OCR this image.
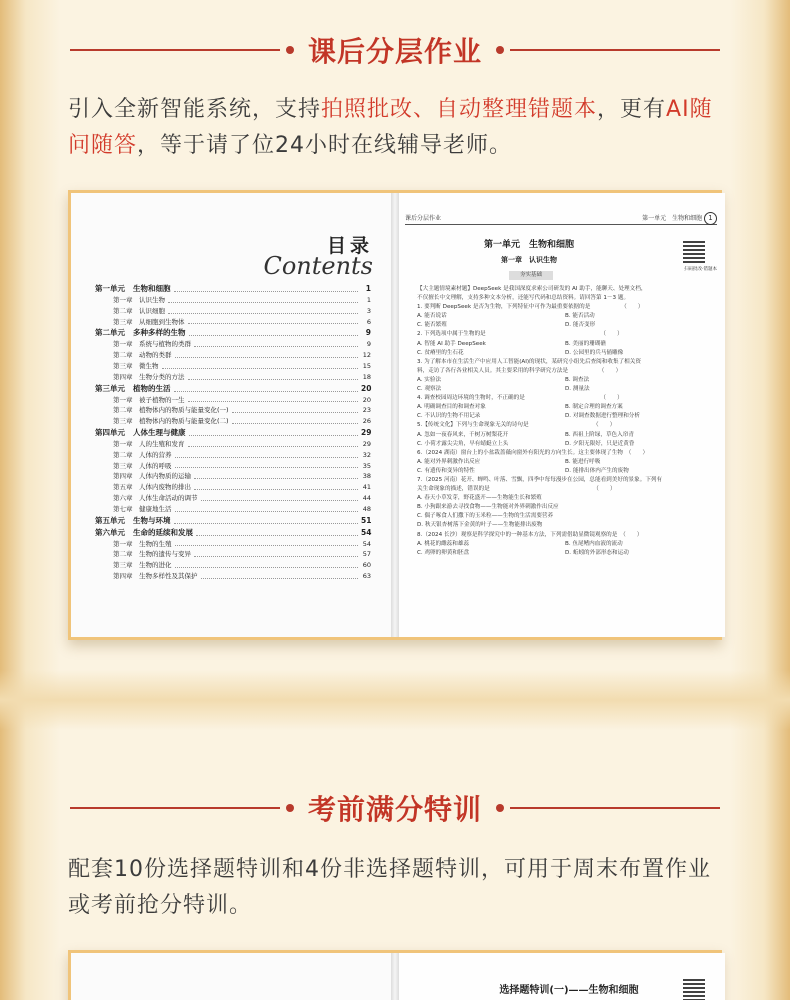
课后分层作业
引入全新智能系统，支持拍照批改、自动整理错题本，更有AI随问随答，等于请了位24小时在线辅导老师。
目录
Contents
第一单元	生物和细胞	1
第一章	认识生物	1
第二章	认识细胞	3
第三章	从细胞到生物体	6
第二单元	多种多样的生物	9
第一章	系统与植物的类群	9
第二章	动物的类群	12
第三章	微生物	15
第四章	生物分类的方法	18
第三单元	植物的生活	20
第一章	被子植物的一生	20
第二章	植物体内的物质与能量变化(一)	23
第三章	植物体内的物质与能量变化(二)	26
第四单元	人体生理与健康	29
第一章	人的生殖和发育	29
第二章	人体的营养	32
第三章	人体的呼吸	35
第四章	人体内物质的运输	38
第五章	人体内废物的排出	41
第六章	人体生命活动的调节	44
第七章	健康地生活	48
第五单元	生物与环境	51
第六单元	生命的延续和发展	54
第一章	生物的生殖	54
第二章	生物的遗传与变异	57
第三章	生物的进化	60
第四章	生物多样性及其保护	63
课后分层作业	第一单元　生物和细胞 1
第一单元　生物和细胞
第一章　认识生物
扫码批改·错题本
夯实基础
【大主题情境素材题】DeepSeek 是我国深度求索公司研发的 AI 助手，能聊天、处理文档，
不仅擅长中文理解，支持多种文本分析，还能写代码和总结资料。请回答第 1－3 题。
1. 要判断 DeepSeek 是否为生物，下列特征中可作为最重要依据的是　　　　　　（　　）
A. 能否说话	B. 能否活动
C. 能否繁殖	D. 能否变形
2. 下列选项中属于生物的是　　　　　　　　　　　　　　　　　　　　　（　　）
A. 智能 AI 助手 DeepSeek	B. 美丽的珊瑚礁
C. 贫瘠里的生石花	D. 公园里的兵马俑雕像
3. 为了解本市在生活生产中应用人工智能(AI)的现状，某研究小组先后查阅和收集了相关资
料，走访了各行各业相关人员。其主要采用的科学研究方法是　　　　　　（　　）
A. 实验法	B. 调查法
C. 观察法	D. 测量法
4. 调查校园周边环境的生物时，不正确的是　　　　　　　　　　　　　　（　　）
A. 明确调查目的和调查对象	B. 制定合理的调查方案
C. 不认识的生物不用记录	D. 对调查数据进行整理和分析
5.【传统文化】下列与生命现象无关的诗句是　　　　　　　　　　　　（　　）
A. 忽如一夜春风来，千树万树梨花开	B. 西祖上阶绿，草色入帘青
C. 小荷才露尖尖角，早有蜻蜓立上头	D. 夕阳无限好，只是近黄昏
6.（2024 湖南）窗台上的小盆栽蔷薇向窗外有阳光的方向生长。这主要体现了生物　（　　）
A. 能对外界刺激作出反应	B. 能进行呼吸
C. 有遗传和变异的特性	D. 能排出体内产生的废物
7.（2025 河南）花开、蝉鸣、叶落、雪飘，四季中每每漫步在公园，总能看到美好的景象。下列有
关生命现象的描述，错误的是　　　　　　　　　　　　　　　　　　　（　　）
A. 春天小草发芽，野花盛开——生物能生长和繁殖
B. 小狗跟来游去寻找食物——生物能对外界刺激作出反应
C. 偶子啄食人们撒下的玉米粒——生物的生活需要营养
D. 秋天银杏树落下金黄的叶子——生物能排出废物
8.（2024 长沙）观察是科学探究中的一种基本方法，下列需借助显微镜观察的是　（　　）
A. 桃花的雌蕊和雄蕊	B. 鱼尾鳍内血液的流动
C. 鸡卵的卵黄和胚盘	D. 蚯蚓的外部形态和运动
考前满分特训
配套10份选择题特训和4份非选择题特训，可用于周末布置作业或考前抢分特训。
选择题特训(一)——生物和细胞
